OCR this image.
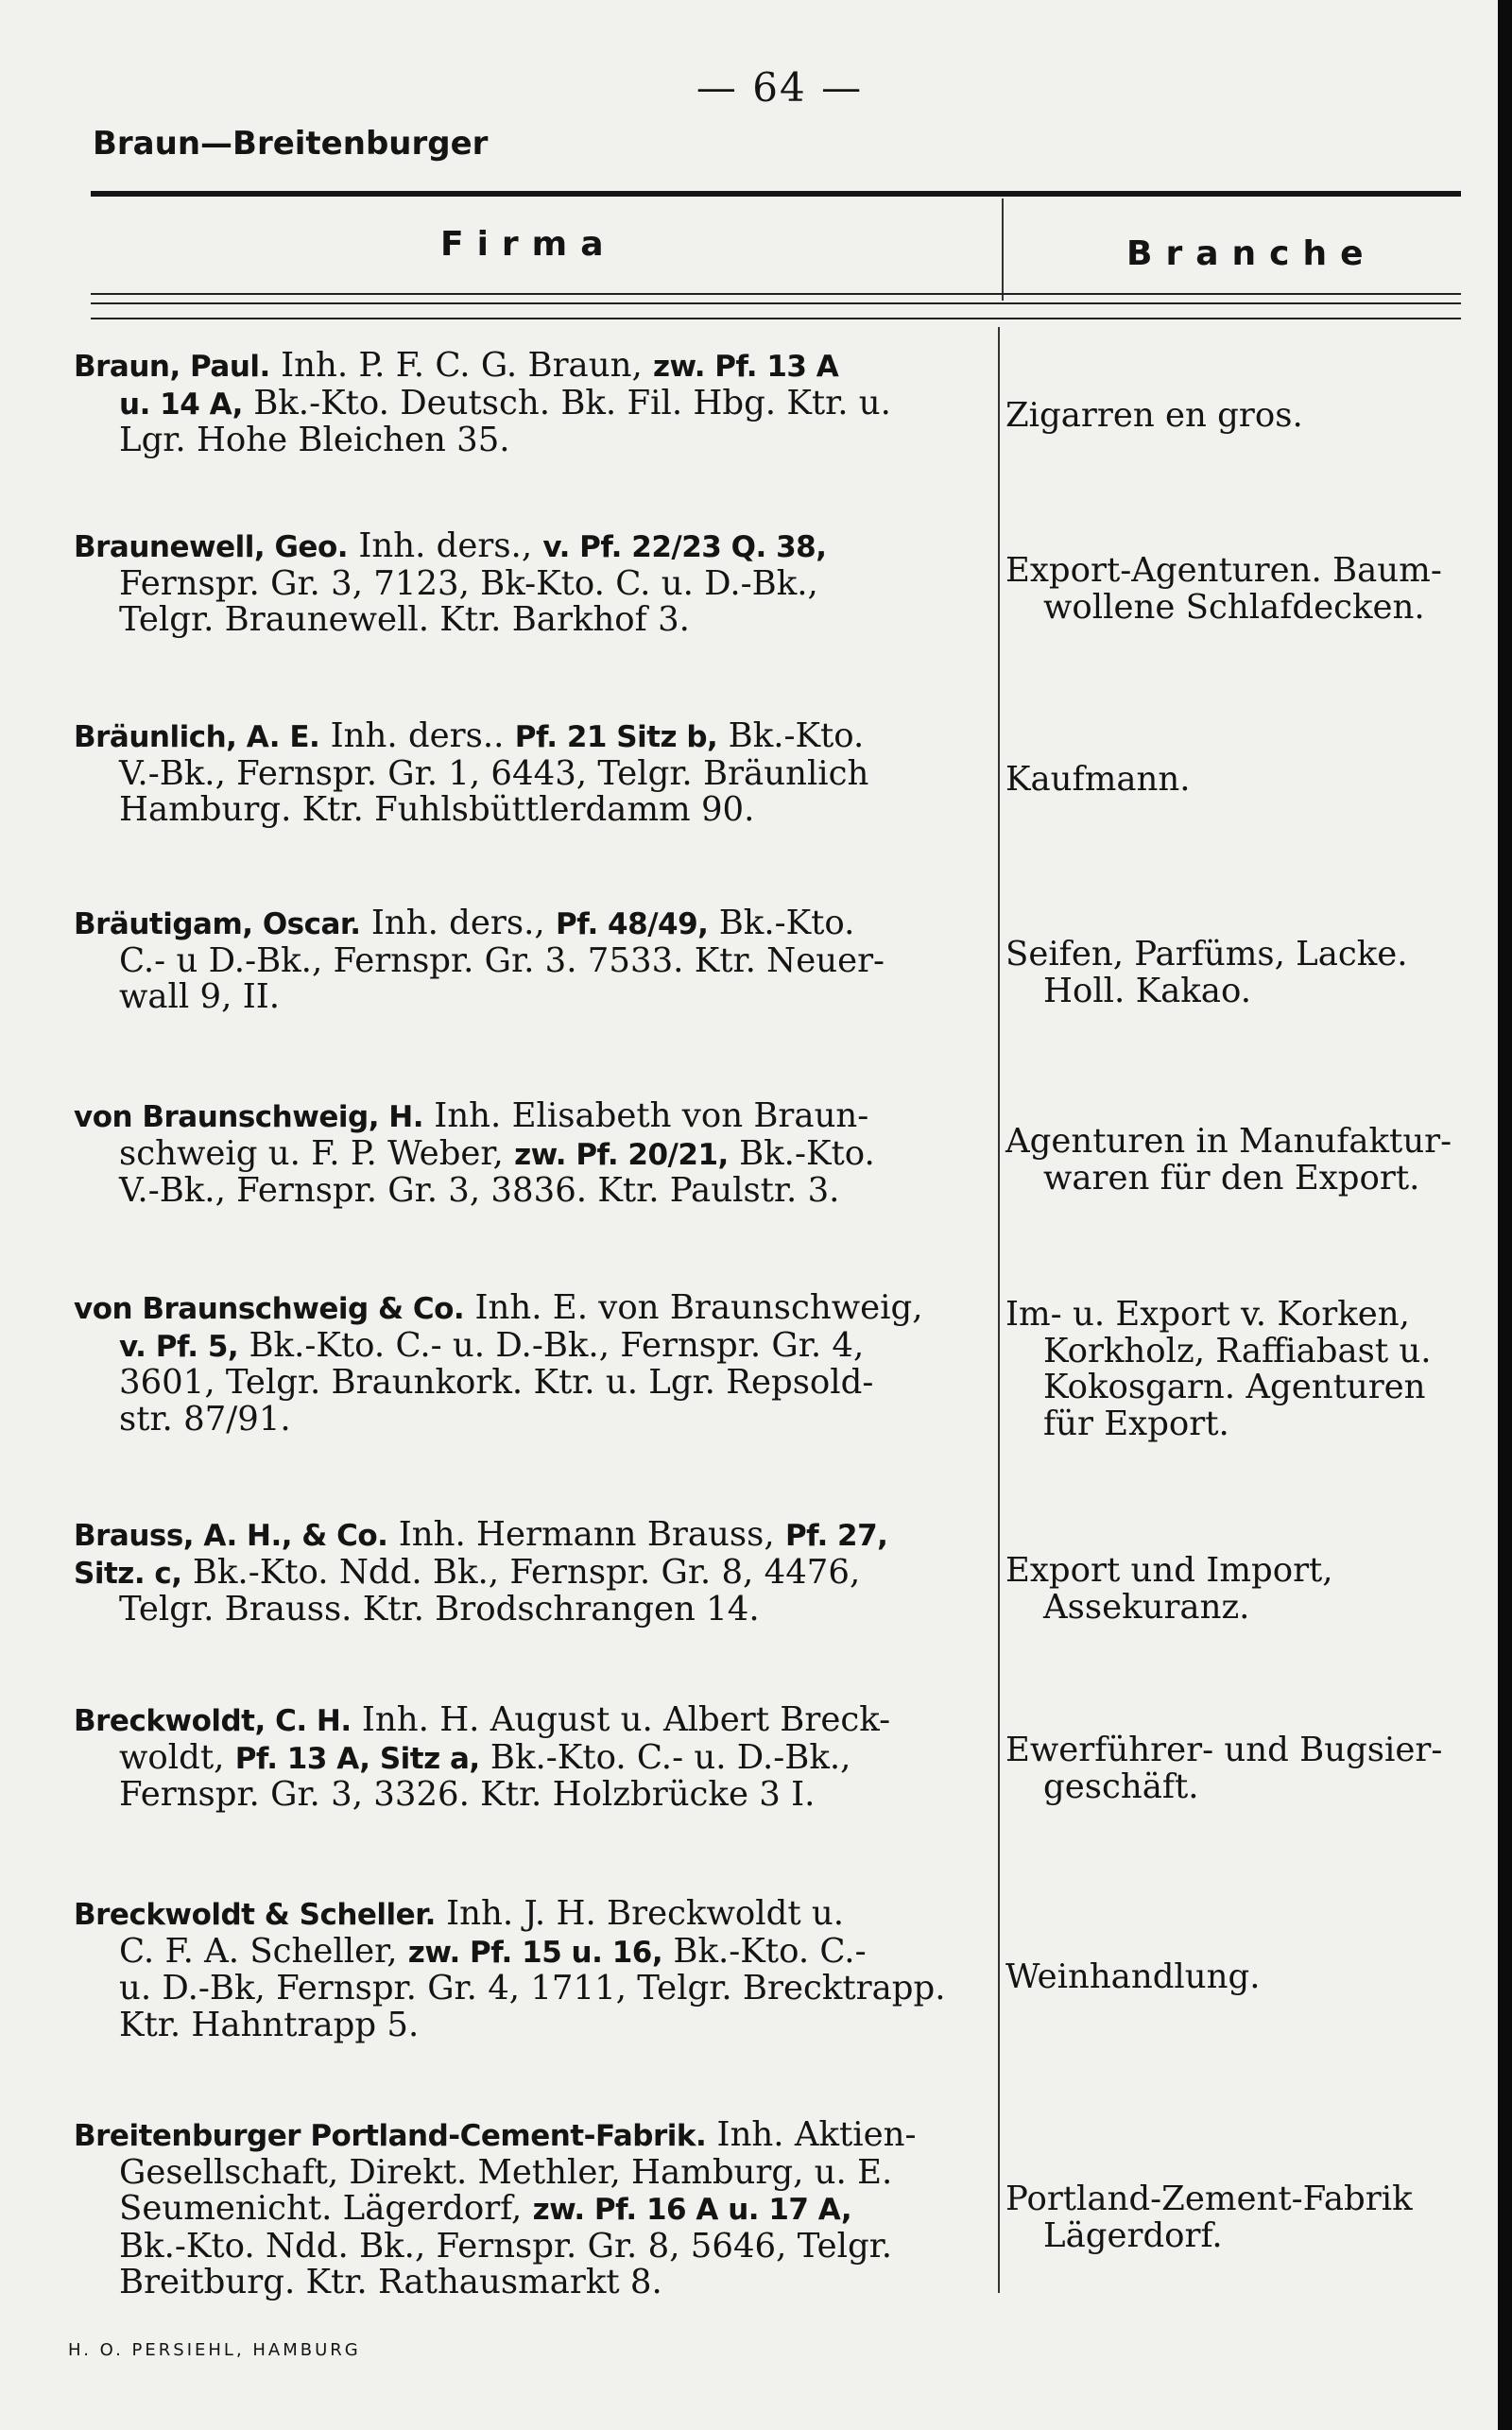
— 64 —
Braun—Breitenburger
Firma	Branche
Braun, Paul. Inh. P. F. C. G. Braun, zw. Pf. 13 A
u. 14 A, Bk.-Kto. Deutsch. Bk. Fil. Hbg. Ktr. u.
Lgr. Hohe Bleichen 35.
Zigarren en gros.
Braunewell, Geo. Inh. ders., v. Pf. 22/23 Q. 38,
Fernspr. Gr. 3, 7123, Bk-Kto. C. u. D.-Bk.,
Telgr. Braunewell. Ktr. Barkhof 3.
Export-Agenturen. Baum-
wollene Schlafdecken.
Bräunlich, A. E. Inh. ders.. Pf. 21 Sitz b, Bk.-Kto.
V.-Bk., Fernspr. Gr. 1, 6443, Telgr. Bräunlich
Hamburg. Ktr. Fuhlsbüttlerdamm 90.
Kaufmann.
Bräutigam, Oscar. Inh. ders., Pf. 48/49, Bk.-Kto.
C.- u D.-Bk., Fernspr. Gr. 3. 7533. Ktr. Neuer-
wall 9, II.
Seifen, Parfüms, Lacke.
Holl. Kakao.
von Braunschweig, H. Inh. Elisabeth von Braun-
schweig u. F. P. Weber, zw. Pf. 20/21, Bk.-Kto.
V.-Bk., Fernspr. Gr. 3, 3836. Ktr. Paulstr. 3.
Agenturen in Manufaktur-
waren für den Export.
von Braunschweig & Co. Inh. E. von Braunschweig,
v. Pf. 5, Bk.-Kto. C.- u. D.-Bk., Fernspr. Gr. 4,
3601, Telgr. Braunkork. Ktr. u. Lgr. Repsold-
str. 87/91.
Im- u. Export v. Korken,
Korkholz, Raffiabast u.
Kokosgarn. Agenturen
für Export.
Brauss, A. H., & Co. Inh. Hermann Brauss, Pf. 27,
Sitz. c, Bk.-Kto. Ndd. Bk., Fernspr. Gr. 8, 4476,
Telgr. Brauss. Ktr. Brodschrangen 14.
Export und Import,
Assekuranz.
Breckwoldt, C. H. Inh. H. August u. Albert Breck-
woldt, Pf. 13 A, Sitz a, Bk.-Kto. C.- u. D.-Bk.,
Fernspr. Gr. 3, 3326. Ktr. Holzbrücke 3 I.
Ewerführer- und Bugsier-
geschäft.
Breckwoldt & Scheller. Inh. J. H. Breckwoldt u.
C. F. A. Scheller, zw. Pf. 15 u. 16, Bk.-Kto. C.-
u. D.-Bk, Fernspr. Gr. 4, 1711, Telgr. Brecktrapp.
Ktr. Hahntrapp 5.
Weinhandlung.
Breitenburger Portland-Cement-Fabrik. Inh. Aktien-
Gesellschaft, Direkt. Methler, Hamburg, u. E.
Seumenicht. Lägerdorf, zw. Pf. 16 A u. 17 A,
Bk.-Kto. Ndd. Bk., Fernspr. Gr. 8, 5646, Telgr.
Breitburg. Ktr. Rathausmarkt 8.
Portland-Zement-Fabrik
Lägerdorf.
H. O. PERSIEHL, HAMBURG
